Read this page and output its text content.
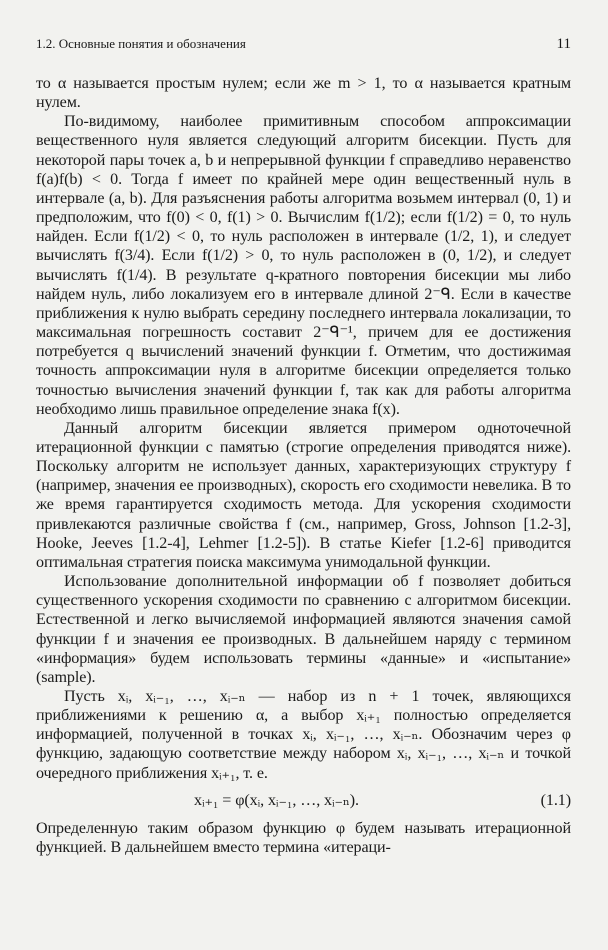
1.2. Основные понятия и обозначения	11

то α называется простым нулем; если же m > 1, то α называется кратным нулем.

По-видимому, наиболее примитивным способом аппроксимации вещественного нуля является следующий алгоритм бисекции. Пусть для некоторой пары точек a, b и непрерывной функции f справедливо неравенство f(a)f(b) < 0. Тогда f имеет по крайней мере один вещественный нуль в интервале (a, b). Для разъяснения работы алгоритма возьмем интервал (0, 1) и предположим, что f(0) < 0, f(1) > 0. Вычислим f(1/2); если f(1/2) = 0, то нуль найден. Если f(1/2) < 0, то нуль расположен в интервале (1/2, 1), и следует вычислять f(3/4). Если f(1/2) > 0, то нуль расположен в (0, 1/2), и следует вычислять f(1/4). В результате q-кратного повторения бисекции мы либо найдем нуль, либо локализуем его в интервале длиной 2⁻ᑫ. Если в качестве приближения к нулю выбрать середину последнего интервала локализации, то максимальная погрешность составит 2⁻ᑫ⁻¹, причем для ее достижения потребуется q вычислений значений функции f. Отметим, что достижимая точность аппроксимации нуля в алгоритме бисекции определяется только точностью вычисления значений функции f, так как для работы алгоритма необходимо лишь правильное определение знака f(x).

Данный алгоритм бисекции является примером одноточечной итерационной функции с памятью (строгие определения приводятся ниже). Поскольку алгоритм не использует данных, характеризующих структуру f (например, значения ее производных), скорость его сходимости невелика. В то же время гарантируется сходимость метода. Для ускорения сходимости привлекаются различные свойства f (см., например, Gross, Johnson [1.2-3], Hooke, Jeeves [1.2-4], Lehmer [1.2-5]). В статье Kiefer [1.2-6] приводится оптимальная стратегия поиска максимума унимодальной функции.

Использование дополнительной информации об f позволяет добиться существенного ускорения сходимости по сравнению с алгоритмом бисекции. Естественной и легко вычисляемой информацией являются значения самой функции f и значения ее производных. В дальнейшем наряду с термином «информация» будем использовать термины «данные» и «испытание» (sample).

Пусть xᵢ, xᵢ₋₁, …, xᵢ₋ₙ — набор из n + 1 точек, являющихся приближениями к решению α, а выбор xᵢ₊₁ полностью определяется информацией, полученной в точках xᵢ, xᵢ₋₁, …, xᵢ₋ₙ. Обозначим через φ функцию, задающую соответствие между набором xᵢ, xᵢ₋₁, …, xᵢ₋ₙ и точкой очередного приближения xᵢ₊₁, т. е.

xᵢ₊₁ = φ(xᵢ, xᵢ₋₁, …, xᵢ₋ₙ).	(1.1)

Определенную таким образом функцию φ будем называть итерационной функцией. В дальнейшем вместо термина «итераци-
